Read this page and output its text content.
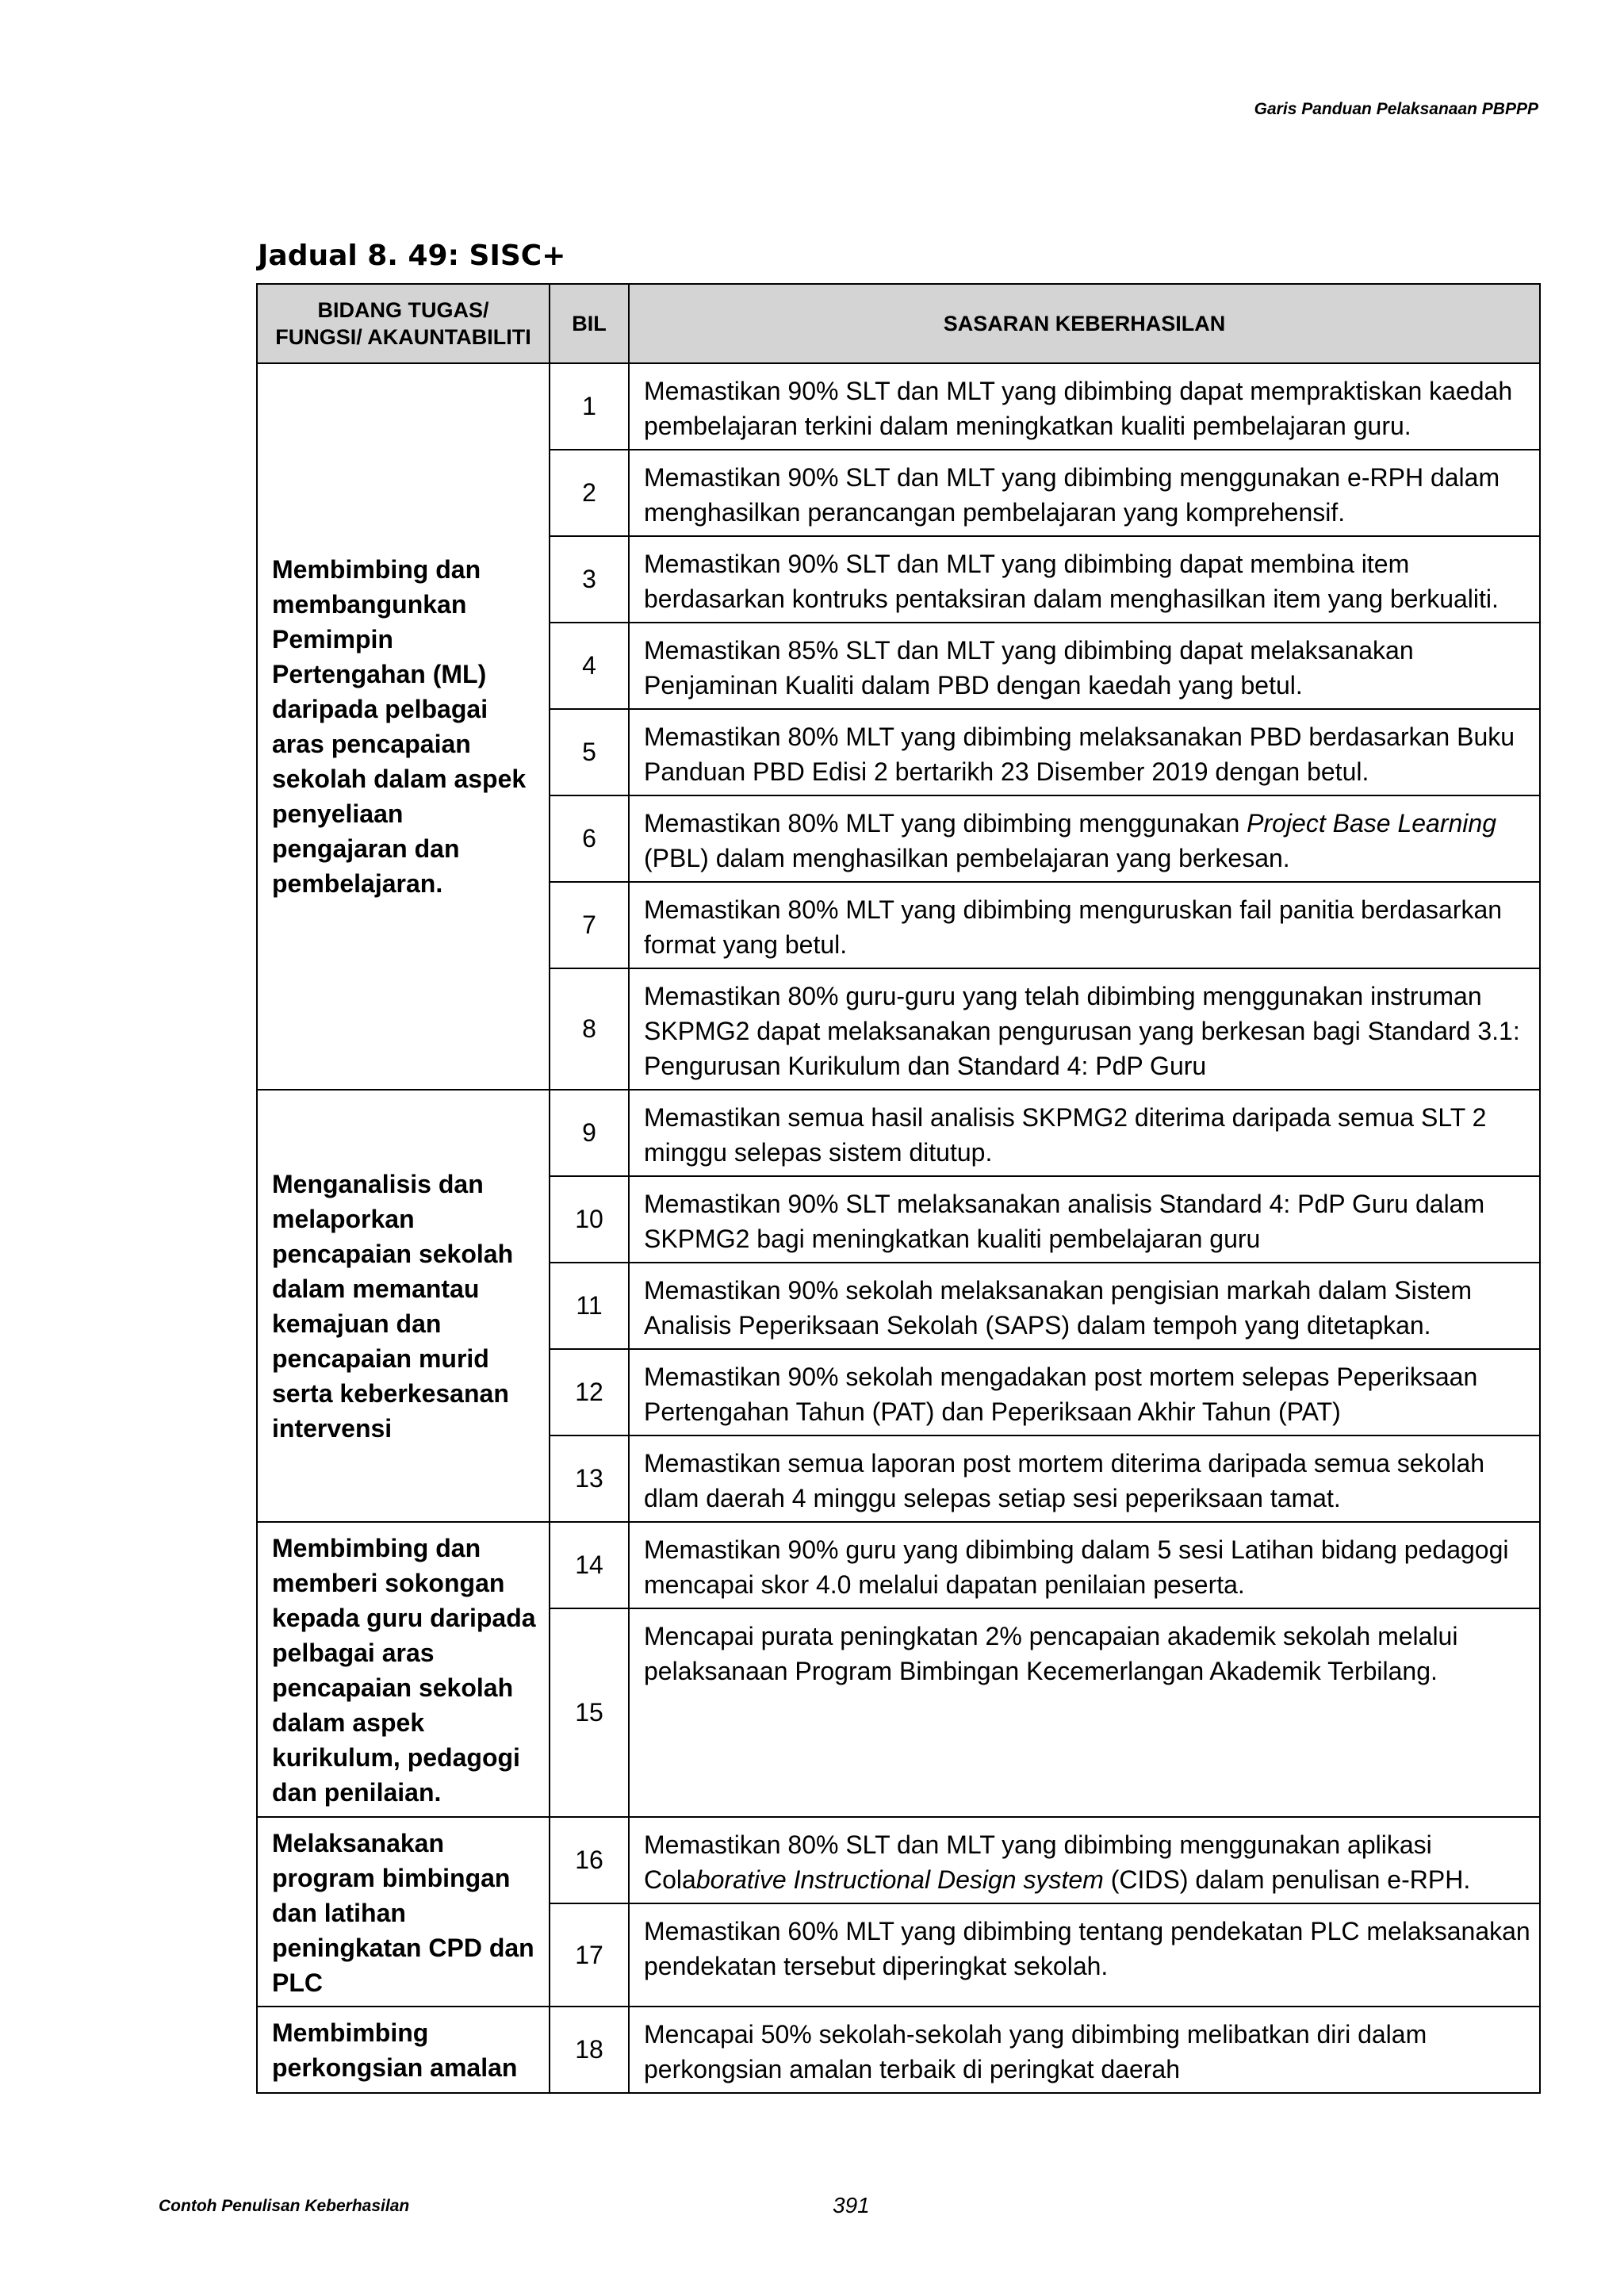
Garis Panduan Pelaksanaan PBPPP
Jadual 8. 49: SISC+
BIDANG TUGAS/
FUNGSI/ AKAUNTABILITI	BIL	SASARAN KEBERHASILAN
Membimbing dan membangunkan Pemimpin Pertengahan (ML) daripada pelbagai aras pencapaian sekolah dalam aspek penyeliaan pengajaran dan pembelajaran.	1	Memastikan 90% SLT dan MLT yang dibimbing dapat mempraktiskan kaedah pembelajaran terkini dalam meningkatkan kualiti pembelajaran guru.
	2	Memastikan 90% SLT dan MLT yang dibimbing menggunakan e-RPH dalam menghasilkan perancangan pembelajaran yang komprehensif.
	3	Memastikan 90% SLT dan MLT yang dibimbing dapat membina item berdasarkan kontruks pentaksiran dalam menghasilkan item yang berkualiti.
	4	Memastikan 85% SLT dan MLT yang dibimbing dapat melaksanakan Penjaminan Kualiti dalam PBD dengan kaedah yang betul.
	5	Memastikan 80% MLT yang dibimbing melaksanakan PBD berdasarkan Buku Panduan PBD Edisi 2 bertarikh 23 Disember 2019 dengan betul.
	6	Memastikan 80% MLT yang dibimbing menggunakan Project Base Learning (PBL) dalam menghasilkan pembelajaran yang berkesan.
	7	Memastikan 80% MLT yang dibimbing menguruskan fail panitia berdasarkan format yang betul.
	8	Memastikan 80% guru-guru yang telah dibimbing menggunakan instruman SKPMG2 dapat melaksanakan pengurusan yang berkesan bagi Standard 3.1: Pengurusan Kurikulum dan Standard 4: PdP Guru
Menganalisis dan melaporkan pencapaian sekolah dalam memantau kemajuan dan pencapaian murid serta keberkesanan intervensi	9	Memastikan semua hasil analisis SKPMG2 diterima daripada semua SLT 2 minggu selepas sistem ditutup.
	10	Memastikan 90% SLT melaksanakan analisis Standard 4: PdP Guru dalam SKPMG2 bagi meningkatkan kualiti pembelajaran guru
	11	Memastikan 90% sekolah melaksanakan pengisian markah dalam Sistem Analisis Peperiksaan Sekolah (SAPS) dalam tempoh yang ditetapkan.
	12	Memastikan 90% sekolah mengadakan post mortem selepas Peperiksaan Pertengahan Tahun (PAT) dan Peperiksaan Akhir Tahun (PAT)
	13	Memastikan semua laporan post mortem diterima daripada semua sekolah dlam daerah 4 minggu selepas setiap sesi peperiksaan tamat.
Membimbing dan memberi sokongan kepada guru daripada pelbagai aras pencapaian sekolah dalam aspek kurikulum, pedagogi dan penilaian.	14	Memastikan 90% guru yang dibimbing dalam 5 sesi Latihan bidang pedagogi mencapai skor 4.0 melalui dapatan penilaian peserta.
	15	Mencapai purata peningkatan 2% pencapaian akademik sekolah melalui pelaksanaan Program Bimbingan Kecemerlangan Akademik Terbilang.
Melaksanakan program bimbingan dan latihan peningkatan CPD dan PLC	16	Memastikan 80% SLT dan MLT yang dibimbing menggunakan aplikasi Colaborative Instructional Design system (CIDS) dalam penulisan e-RPH.
	17	Memastikan 60% MLT yang dibimbing tentang pendekatan PLC melaksanakan pendekatan tersebut diperingkat sekolah.
Membimbing perkongsian amalan	18	Mencapai 50% sekolah-sekolah yang dibimbing melibatkan diri dalam perkongsian amalan terbaik di peringkat daerah
Contoh Penulisan Keberhasilan	391
